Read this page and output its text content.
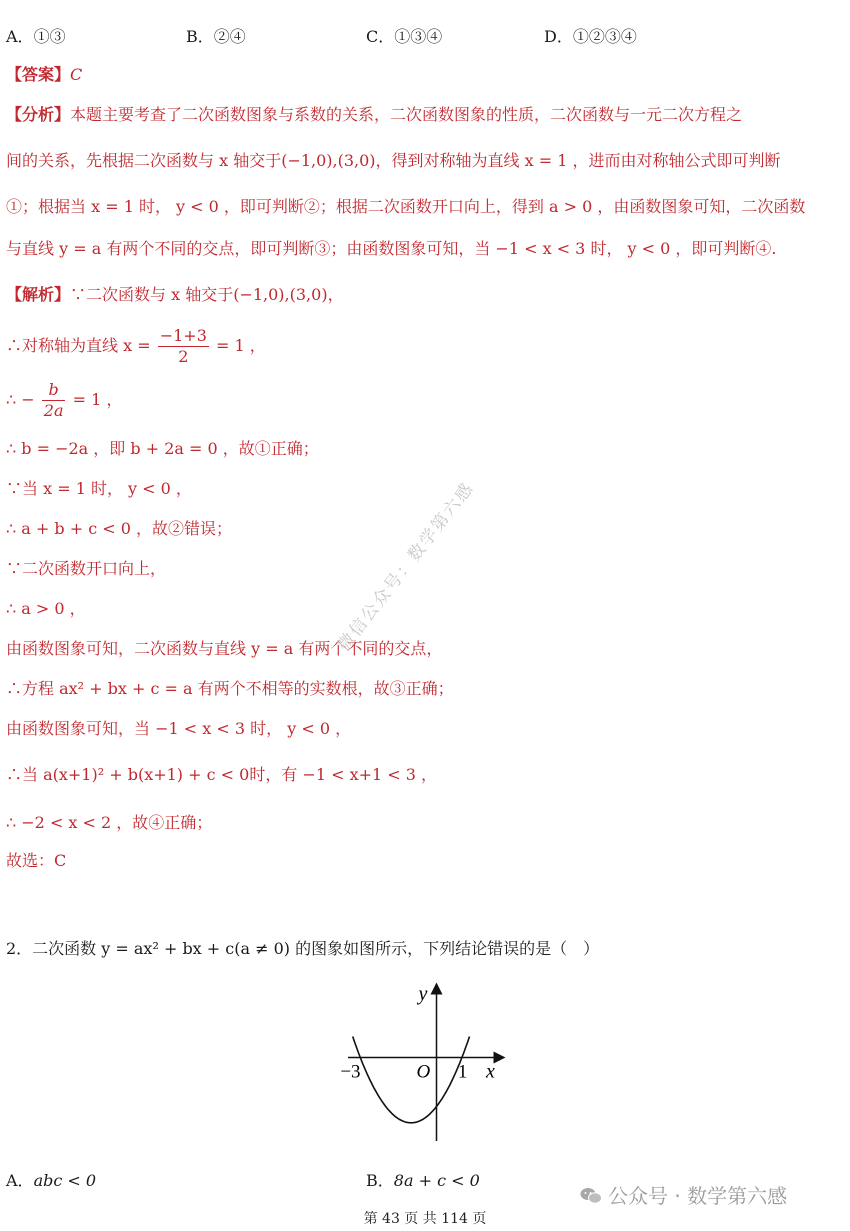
A．①③	B．②④	C．①③④	D．①②③④
【答案】C
【分析】本题主要考查了二次函数图象与系数的关系，二次函数图象的性质，二次函数与一元二次方程之
间的关系，先根据二次函数与 x 轴交于(−1,0),(3,0)，得到对称轴为直线 x = 1 ，进而由对称轴公式即可判断
①；根据当 x = 1 时， y < 0 ，即可判断②；根据二次函数开口向上，得到 a > 0 ，由函数图象可知，二次函数
与直线 y = a 有两个不同的交点，即可判断③；由函数图象可知，当 −1 < x < 3 时， y < 0 ，即可判断④.
【解析】∵二次函数与 x 轴交于(−1,0),(3,0)，
∴对称轴为直线 $x = \frac{-1+3}{2} = 1$ ，
∴ − $\frac{b}{2a} = 1$ ，
∴ b = −2a ，即 b + 2a = 0 ，故①正确；
∵当 x = 1 时， y < 0 ，
∴ a + b + c < 0 ，故②错误；
∵二次函数开口向上，
∴ a > 0 ，
由函数图象可知，二次函数与直线 y = a 有两个不同的交点，
∴方程 ax² + bx + c = a 有两个不相等的实数根，故③正确；
由函数图象可知，当 −1 < x < 3 时， y < 0 ，
∴当 a(x+1)² + b(x+1) + c < 0时，有 −1 < x+1 < 3 ，
∴ −2 < x < 2 ，故④正确；
故选：C
2．二次函数 y = ax² + bx + c(a ≠ 0) 的图象如图所示，下列结论错误的是（　）
y
x
O
−3	1
A．abc < 0	B．8a + c < 0
微信公众号：数学第六感
公众号 · 数学第六感
第 43 页 共 114 页
